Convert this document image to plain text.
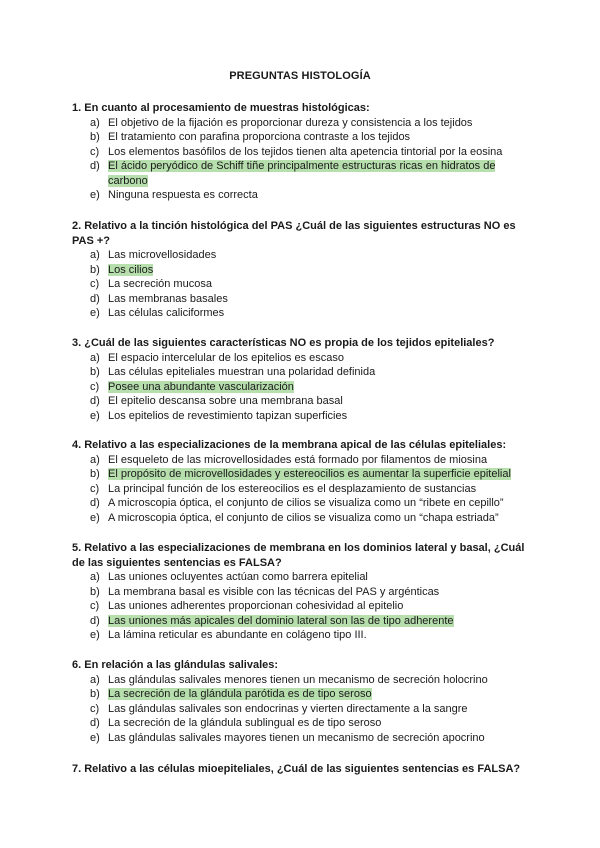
PREGUNTAS HISTOLOGÍA

1. En cuanto al procesamiento de muestras histológicas:

a) El objetivo de la fijación es proporcionar dureza y consistencia a los tejidos
b) El tratamiento con parafina proporciona contraste a los tejidos
c) Los elementos basófilos de los tejidos tienen alta apetencia tintorial por la eosina
d) El ácido peryódico de Schiff tiñe principalmente estructuras ricas en hidratos de carbono
e) Ninguna respuesta es correcta

2. Relativo a la tinción histológica del PAS ¿Cuál de las siguientes estructuras NO es PAS +?

a) Las microvellosidades
b) Los cilios
c) La secreción mucosa
d) Las membranas basales
e) Las células caliciformes

3. ¿Cuál de las siguientes características NO es propia de los tejidos epiteliales?

a) El espacio intercelular de los epitelios es escaso
b) Las células epiteliales muestran una polaridad definida
c) Posee una abundante vascularización
d) El epitelio descansa sobre una membrana basal
e) Los epitelios de revestimiento tapizan superficies

4. Relativo a las especializaciones de la membrana apical de las células epiteliales:

a) El esqueleto de las microvellosidades está formado por filamentos de miosina
b) El propósito de microvellosidades y estereocilios es aumentar la superficie epitelial
c) La principal función de los estereocilios es el desplazamiento de sustancias
d) A microscopia óptica, el conjunto de cilios se visualiza como un “ribete en cepillo”
e) A microscopia óptica, el conjunto de cilios se visualiza como un “chapa estriada”

5. Relativo a las especializaciones de membrana en los dominios lateral y basal, ¿Cuál de las siguientes sentencias es FALSA?

a) Las uniones ocluyentes actúan como barrera epitelial
b) La membrana basal es visible con las técnicas del PAS y argénticas
c) Las uniones adherentes proporcionan cohesividad al epitelio
d) Las uniones más apicales del dominio lateral son las de tipo adherente
e) La lámina reticular es abundante en colágeno tipo III.

6. En relación a las glándulas salivales:

a) Las glándulas salivales menores tienen un mecanismo de secreción holocrino
b) La secreción de la glándula parótida es de tipo seroso
c) Las glándulas salivales son endocrinas y vierten directamente a la sangre
d) La secreción de la glándula sublingual es de tipo seroso
e) Las glándulas salivales mayores tienen un mecanismo de secreción apocrino

7. Relativo a las células mioepiteliales, ¿Cuál de las siguientes sentencias es FALSA?
